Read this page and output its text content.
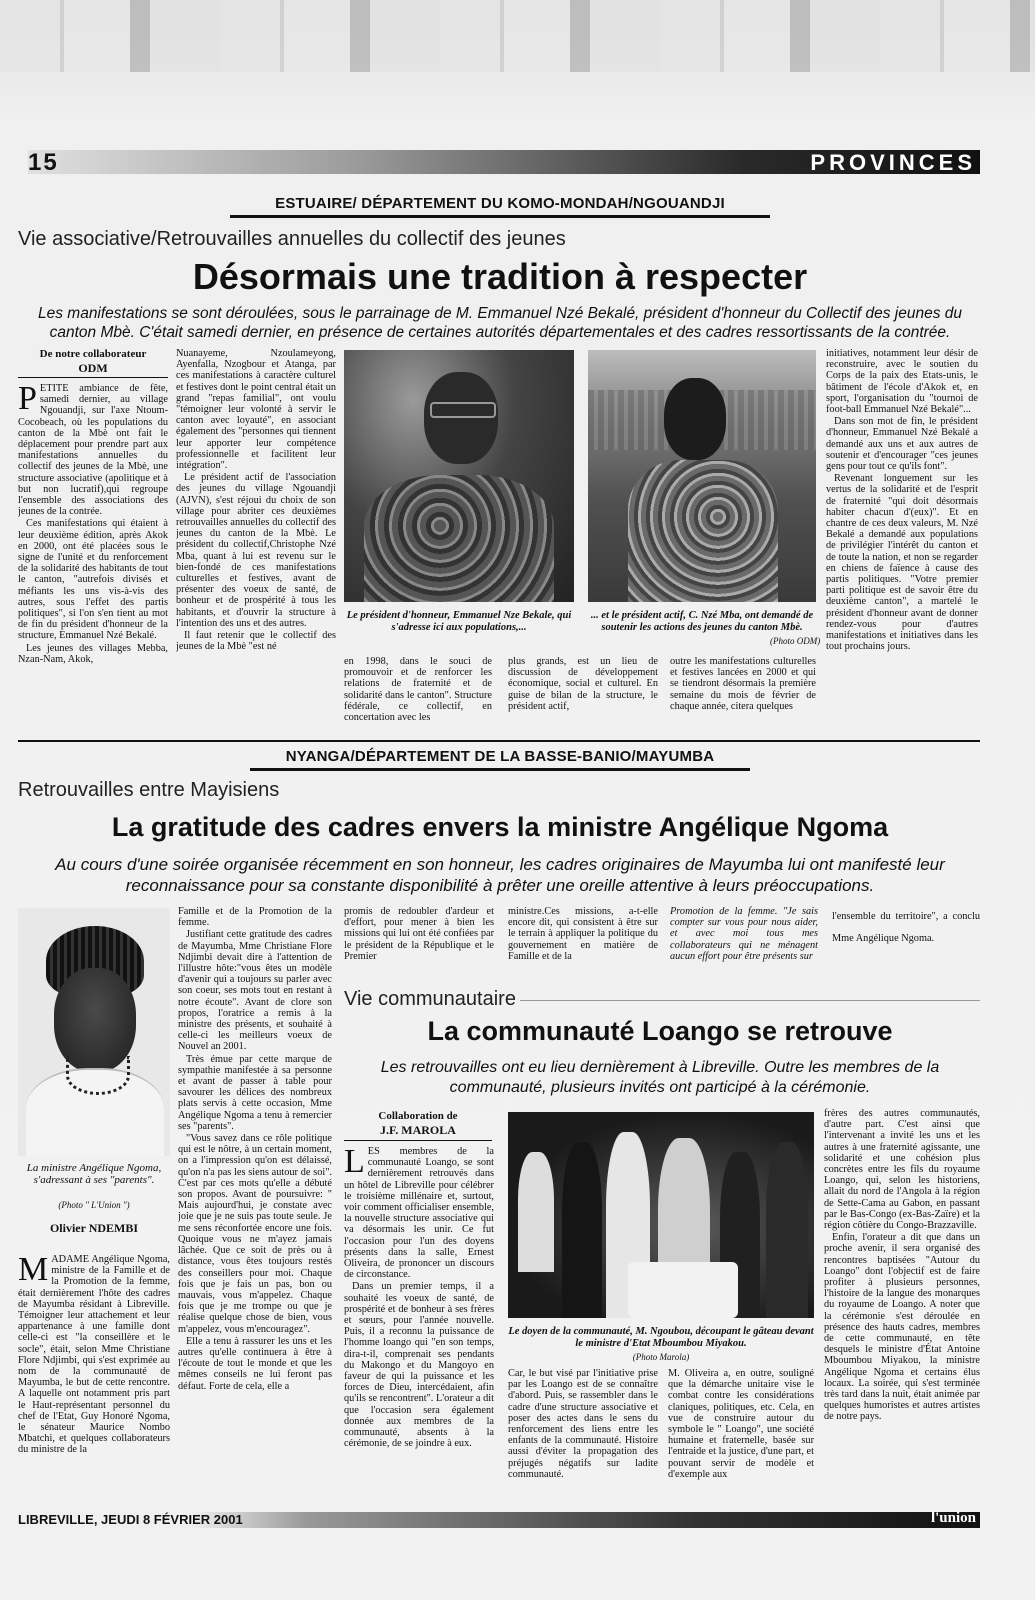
15	PROVINCES
ESTUAIRE/ DÉPARTEMENT DU KOMO-MONDAH/NGOUANDJI
Vie associative/Retrouvailles annuelles du collectif des jeunes
Désormais une tradition à respecter
Les manifestations se sont déroulées, sous le parrainage de M. Emmanuel Nzé Bekalé, président d'honneur du Collectif des jeunes du canton Mbè. C'était samedi dernier, en présence de certaines autorités départementales et des cadres ressortissants de la contrée.
De notre collaborateur
ODM
P ETITE ambiance de fête, samedi dernier, au village Ngouandji, sur l'axe Ntoum-Cocobeach, où les populations du canton de la Mbè ont fait le déplacement pour prendre part aux manifestations annuelles du collectif des jeunes de la Mbè, une structure associative (apolitique et à but non lucratif),qui regroupe l'ensemble des associations des jeunes de la contrée.

Ces manifestations qui étaient à leur deuxième édition, après Akok en 2000, ont été placées sous le signe de l'unité et du renforcement de la solidarité des habitants de tout le canton, "autrefois divisés et méfiants les uns vis-à-vis des autres, sous l'effet des partis politiques", si l'on s'en tient au mot de fin du président d'honneur de la structure, Emmanuel Nzé Bekalé.

Les jeunes des villages Mebba, Nzan-Nam, Akok,

Nuanayeme, Nzoulameyong, Ayenfalla, Nzogbour et Atanga, par ces manifestations à caractère culturel et festives dont le point central était un grand "repas familial", ont voulu "témoigner leur volonté à servir le canton avec loyauté", en associant également des "personnes qui tiennent leur apporter leur compétence professionnelle et facilitent leur intégration".

Le président actif de l'association des jeunes du village Ngouandji (AJVN), s'est réjoui du choix de son village pour abriter ces deuxièmes retrouvailles annuelles du collectif des jeunes du canton de la Mbè. Le président du collectif,Christophe Nzé Mba, quant à lui est revenu sur le bien-fondé de ces manifestations culturelles et festives, avant de présenter des voeux de santé, de bonheur et de prospérité à tous les habitants, et d'ouvrir la structure à l'intention des uns et des autres.

Il faut retenir que le collectif des jeunes de la Mbè "est né

Le président d'honneur, Emmanuel Nze Bekale, qui s'adresse ici aux populations,...
... et le président actif, C. Nzé Mba, ont demandé de soutenir les actions des jeunes du canton Mbè.
(Photo ODM)

en 1998, dans le souci de promouvoir et de renforcer les relations de fraternité et de solidarité dans le canton". Structure fédérale, ce collectif, en concertation avec les

plus grands, est un lieu de discussion de développement économique, social et culturel. En guise de bilan de la structure, le président actif,

outre les manifestations culturelles et festives lancées en 2000 et qui se tiendront désormais la première semaine du mois de février de chaque année, citera quelques

initiatives, notamment leur désir de reconstruire, avec le soutien du Corps de la paix des Etats-unis, le bâtiment de l'école d'Akok et, en sport, l'organisation du "tournoi de foot-ball Emmanuel Nzé Bekalé"...

Dans son mot de fin, le président d'honneur, Emmanuel Nzé Bekalé a demandé aux uns et aux autres de soutenir et d'encourager "ces jeunes gens pour tout ce qu'ils font".

Revenant longuement sur les vertus de la solidarité et de l'esprit de fraternité "qui doit désormais habiter chacun d'(eux)". Et en chantre de ces deux valeurs, M. Nzé Bekalé a demandé aux populations de privilégier l'intérêt du canton et de toute la nation, et non se regarder en chiens de faïence à cause des partis politiques. "Votre premier parti politique est de savoir être du deuxième canton", a martelé le président d'honneur avant de donner rendez-vous pour d'autres manifestations et initiatives dans les tout prochains jours.

NYANGA/DÉPARTEMENT DE LA BASSE-BANIO/MAYUMBA
Retrouvailles entre Mayisiens
La gratitude des cadres envers la ministre Angélique Ngoma
Au cours d'une soirée organisée récemment en son honneur, les cadres originaires de Mayumba lui ont manifesté leur reconnaissance pour sa constante disponibilité à prêter une oreille attentive à leurs préoccupations.
La ministre Angélique Ngoma, s'adressant à ses "parents".
(Photo " L'Union ")
Olivier NDEMBI
M ADAME Angélique Ngoma, ministre de la Famille et de la Promotion de la femme, était dernièrement l'hôte des cadres de Mayumba résidant à Libreville. Témoigner leur attachement et leur appartenance à une famille dont celle-ci est "la conseillère et le socle", était, selon Mme Christiane Flore Ndjimbi, qui s'est exprimée au nom de la communauté de Mayumba, le but de cette rencontre. A laquelle ont notamment pris part le Haut-représentant personnel du chef de l'Etat, Guy Honoré Ngoma, le sénateur Maurice Nombo Mbatchi, et quelques collaborateurs du ministre de la

Famille et de la Promotion de la femme.

Justifiant cette gratitude des cadres de Mayumba, Mme Christiane Flore Ndjimbi devait dire à l'attention de l'illustre hôte:"vous êtes un modèle d'avenir qui a toujours su parler avec son coeur, ses mots tout en restant à notre écoute". Avant de clore son propos, l'oratrice a remis à la ministre des présents, et souhaité à celle-ci les meilleurs voeux de Nouvel an 2001.

Très émue par cette marque de sympathie manifestée à sa personne et avant de passer à table pour savourer les délices des nombreux plats servis à cette occasion, Mme Angélique Ngoma a tenu à remercier ses "parents".

"Vous savez dans ce rôle politique qui est le nôtre, à un certain moment, on a l'impression qu'on est délaissé, qu'on n'a pas les siens autour de soi". C'est par ces mots qu'elle a débuté son propos. Avant de poursuivre: " Mais aujourd'hui, je constate avec joie que je ne suis pas toute seule. Je me sens réconfortée encore une fois. Quoique vous ne m'ayez jamais lâchée. Que ce soit de près ou à distance, vous êtes toujours restés des conseillers pour moi. Chaque fois que je fais un pas, bon ou mauvais, vous m'appelez. Chaque fois que je me trompe ou que je réalise quelque chose de bien, vous m'appelez, vous m'encouragez".

Elle a tenu à rassurer les uns et les autres qu'elle continuera à être à l'écoute de tout le monde et que les mêmes conseils ne lui feront pas défaut. Forte de cela, elle a

promis de redoubler d'ardeur et d'effort, pour mener à bien les missions qui lui ont été confiées par le président de la République et le Premier

ministre.Ces missions, a-t-elle encore dit, qui consistent à être sur le terrain à appliquer la politique du gouvernement en matière de Famille et de la

Promotion de la femme. "Je sais compter sur vous pour nous aider, et avec moi tous mes collaborateurs qui ne ménagent aucun effort pour être présents sur

l'ensemble du territoire", a conclu Mme Angélique Ngoma.

Vie communautaire
La communauté Loango se retrouve
Les retrouvailles ont eu lieu dernièrement à Libreville. Outre les membres de la communauté, plusieurs invités ont participé à la cérémonie.
Collaboration de
J.F. MAROLA
L ES membres de la communauté Loango, se sont dernièrement retrouvés dans un hôtel de Libreville pour célébrer le troisième millénaire et, surtout, voir comment officialiser ensemble, la nouvelle structure associative qui va désormais les unir. Ce fut l'occasion pour l'un des doyens présents dans la salle, Ernest Oliveira, de prononcer un discours de circonstance.

Dans un premier temps, il a souhaité les voeux de santé, de prospérité et de bonheur à ses frères et sœurs, pour l'année nouvelle. Puis, il a reconnu la puissance de l'homme loango qui "en son temps, dira-t-il, comprenait ses pendants du Makongo et du Mangoyo en faveur de qui la puissance et les forces de Dieu, intercédaient, afin qu'ils se rencontrent". L'orateur a dit que l'occasion sera également donnée aux membres de la communauté, absents à la cérémonie, de se joindre à eux.

Le doyen de la communauté, M. Ngoubou, découpant le gâteau devant le ministre d'Etat Mboumbou Miyakou.
(Photo Marola)

Car, le but visé par l'initiative prise par les Loango est de se connaître d'abord. Puis, se rassembler dans le cadre d'une structure associative et poser des actes dans le sens du renforcement des liens entre les enfants de la communauté. Histoire aussi d'éviter la propagation des préjugés négatifs sur ladite communauté.

M. Oliveira a, en outre, souligné que la démarche unitaire vise le combat contre les considérations claniques, politiques, etc. Cela, en vue de construire autour du symbole le " Loango", une société humaine et fraternelle, basée sur l'entraide et la justice, d'une part, et pouvant servir de modèle et d'exemple aux

frères des autres communautés, d'autre part. C'est ainsi que l'intervenant a invité les uns et les autres à une fraternité agissante, une solidarité et une cohésion plus concrètes entre les fils du royaume Loango, qui, selon les historiens, allait du nord de l'Angola à la région de Sette-Cama au Gabon, en passant par le Bas-Congo (ex-Bas-Zaïre) et la région côtière du Congo-Brazzaville.

Enfin, l'orateur a dit que dans un proche avenir, il sera organisé des rencontres baptisées "Autour du Loango" dont l'objectif est de faire profiter à plusieurs personnes, l'histoire de la langue des monarques du royaume de Loango. A noter que la cérémonie s'est déroulée en présence des hauts cadres, membres de cette communauté, en tête desquels le ministre d'État Antoine Mboumbou Miyakou, la ministre Angélique Ngoma et certains élus locaux. La soirée, qui s'est terminée très tard dans la nuit, était animée par quelques humoristes et autres artistes de notre pays.

LIBREVILLE, JEUDI 8 FÉVRIER 2001	l'union
